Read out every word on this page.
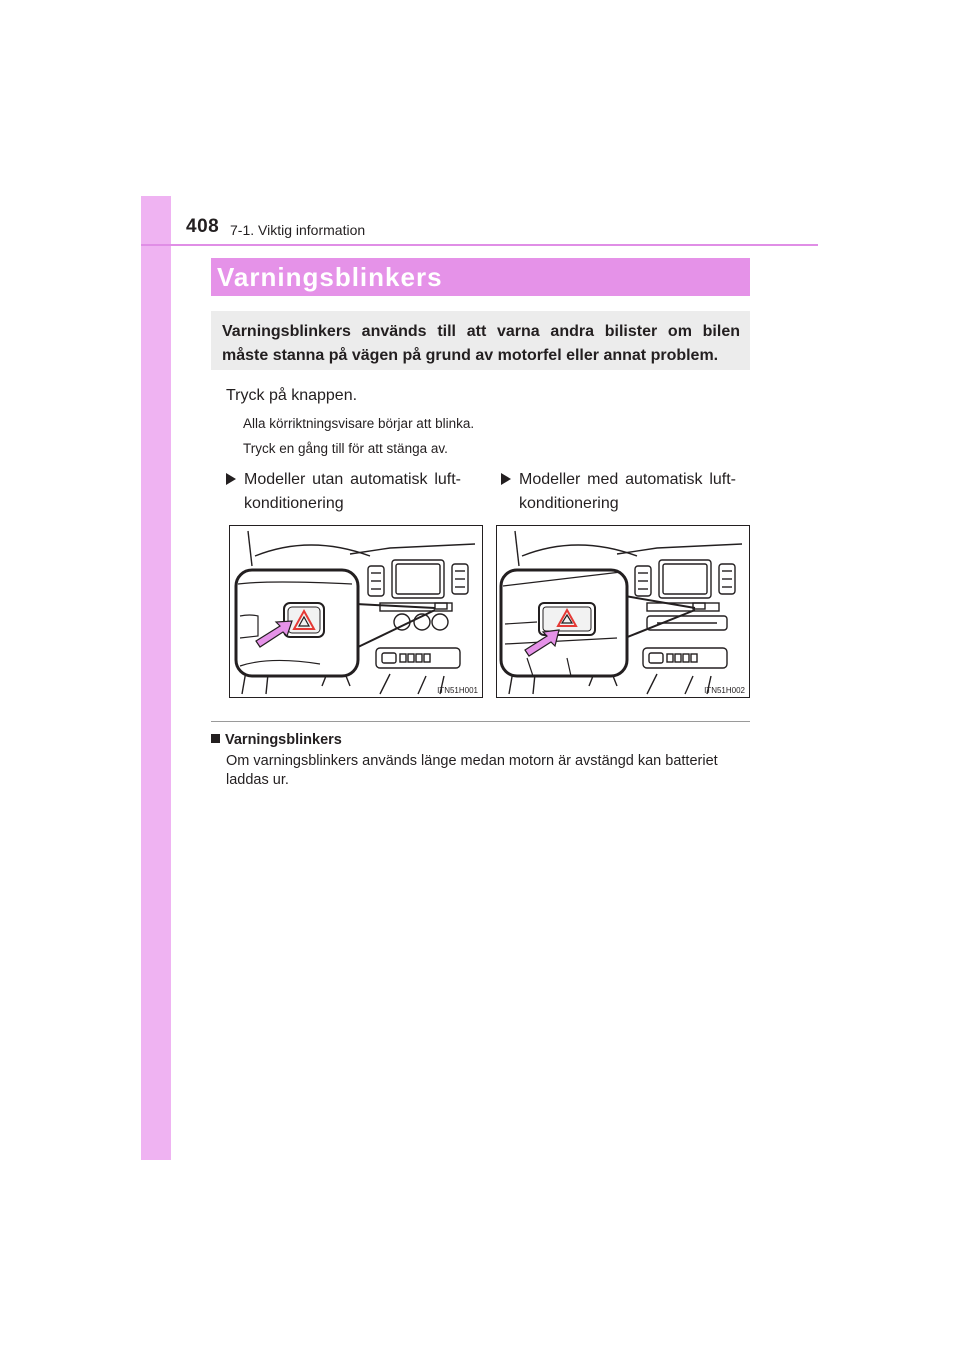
408 7-1. Viktig information
Varningsblinkers
Varningsblinkers används till att varna andra bilister om bilen måste stanna på vägen på grund av motorfel eller annat problem.
Tryck på knappen.
Alla körriktningsvisare börjar att blinka.
Tryck en gång till för att stänga av.
Modeller utan automatisk luft-konditionering
Modeller med automatisk luft-konditionering
ITN51H001	ITN51H002
Varningsblinkers
Om varningsblinkers används länge medan motorn är avstängd kan batteriet laddas ur.
